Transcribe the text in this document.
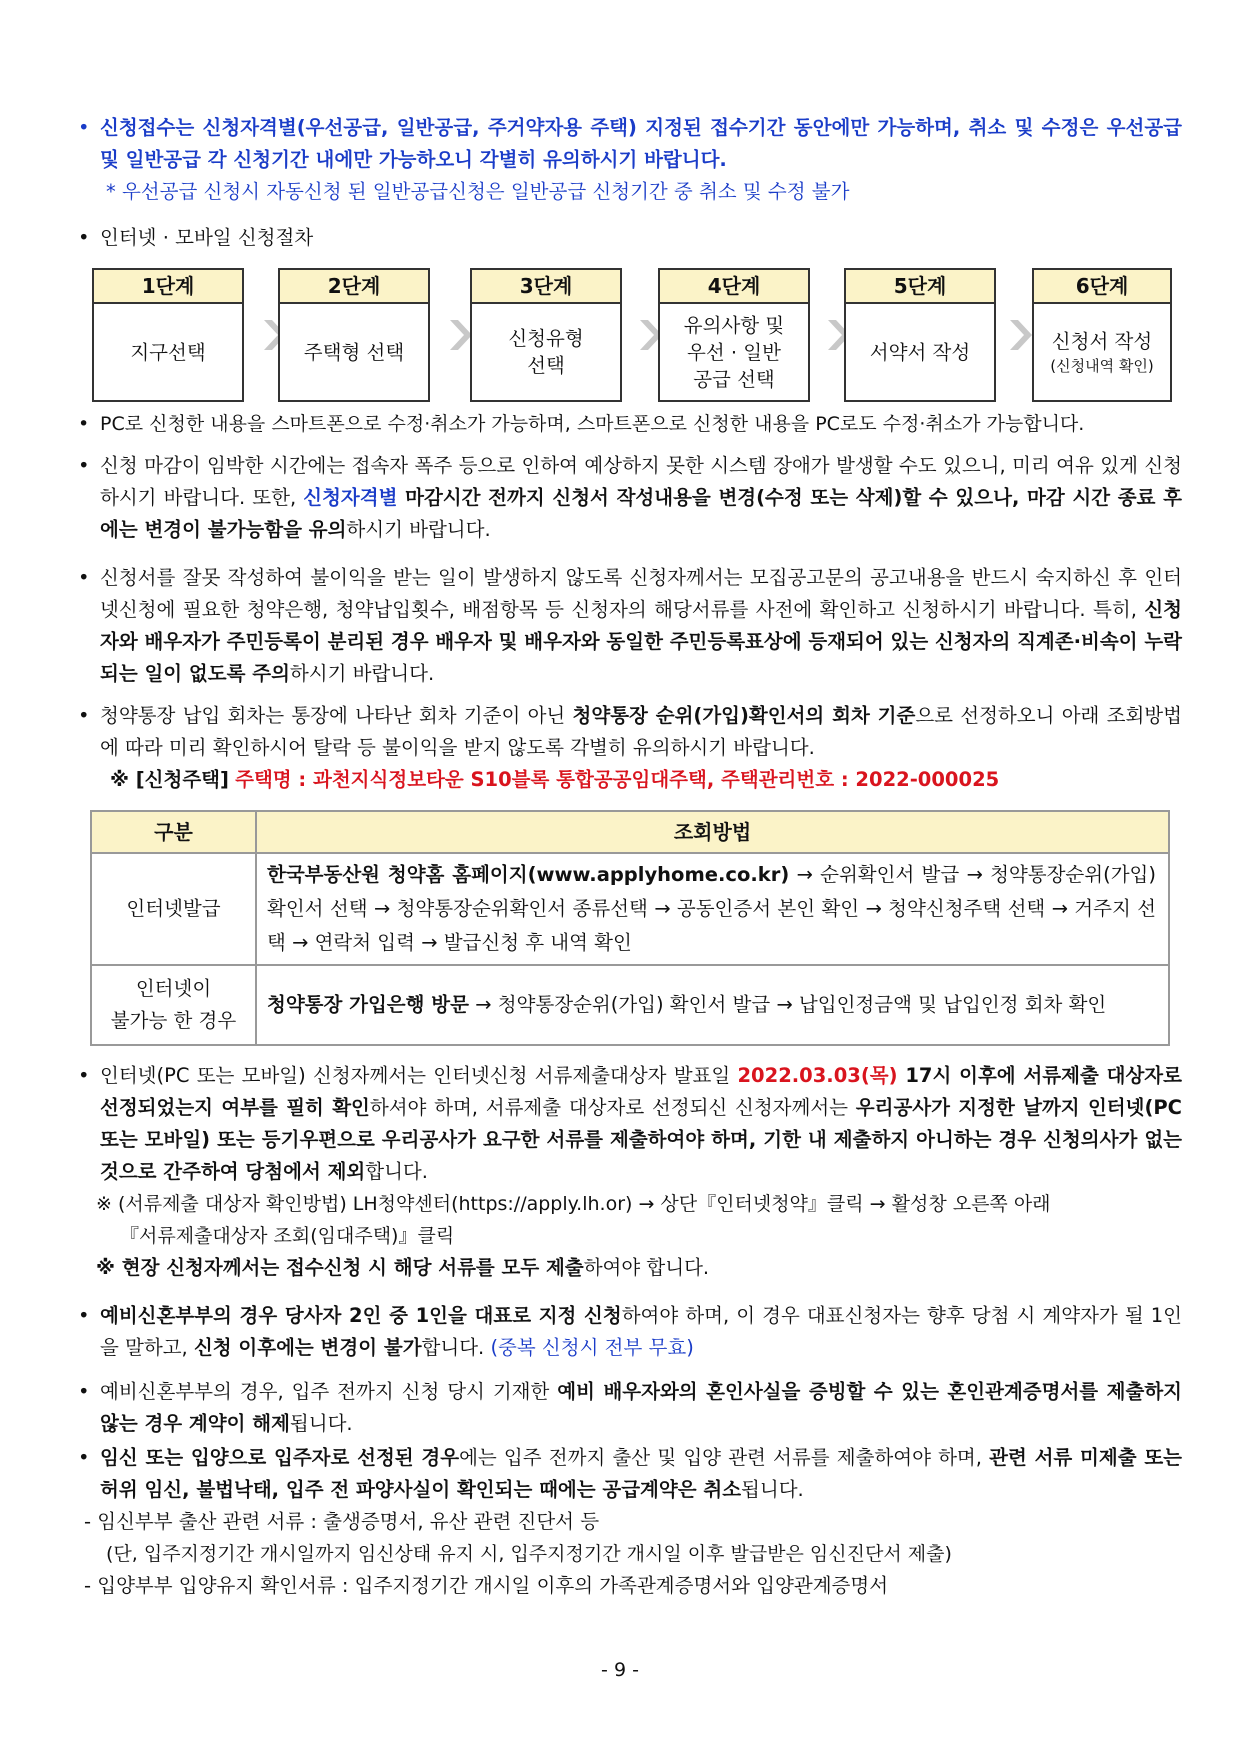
• 신청접수는 신청자격별(우선공급, 일반공급, 주거약자용 주택) 지정된 접수기간 동안에만 가능하며, 취소 및 수정은 우선공급 및 일반공급 각 신청기간 내에만 가능하오니 각별히 유의하시기 바랍니다.
* 우선공급 신청시 자동신청 된 일반공급신청은 일반공급 신청기간 중 취소 및 수정 불가
• 인터넷 · 모바일 신청절차
1단계
지구선택
2단계
주택형 선택
3단계
신청유형
선택
4단계
유의사항 및
우선 · 일반
공급 선택
5단계
서약서 작성
6단계
신청서 작성
(신청내역 확인)
• PC로 신청한 내용을 스마트폰으로 수정·취소가 가능하며, 스마트폰으로 신청한 내용을 PC로도 수정·취소가 가능합니다.
• 신청 마감이 임박한 시간에는 접속자 폭주 등으로 인하여 예상하지 못한 시스템 장애가 발생할 수도 있으니, 미리 여유 있게 신청하시기 바랍니다. 또한, 신청자격별 마감시간 전까지 신청서 작성내용을 변경(수정 또는 삭제)할 수 있으나, 마감 시간 종료 후에는 변경이 불가능함을 유의하시기 바랍니다.
• 신청서를 잘못 작성하여 불이익을 받는 일이 발생하지 않도록 신청자께서는 모집공고문의 공고내용을 반드시 숙지하신 후 인터넷신청에 필요한 청약은행, 청약납입횟수, 배점항목 등 신청자의 해당서류를 사전에 확인하고 신청하시기 바랍니다. 특히, 신청자와 배우자가 주민등록이 분리된 경우 배우자 및 배우자와 동일한 주민등록표상에 등재되어 있는 신청자의 직계존·비속이 누락되는 일이 없도록 주의하시기 바랍니다.
• 청약통장 납입 회차는 통장에 나타난 회차 기준이 아닌 청약통장 순위(가입)확인서의 회차 기준으로 선정하오니 아래 조회방법에 따라 미리 확인하시어 탈락 등 불이익을 받지 않도록 각별히 유의하시기 바랍니다.
※ [신청주택] 주택명 : 과천지식정보타운 S10블록 통합공공임대주택, 주택관리번호 : 2022-000025
구분	조회방법
인터넷발급	한국부동산원 청약홈 홈페이지(www.applyhome.co.kr) → 순위확인서 발급 → 청약통장순위(가입) 확인서 선택 → 청약통장순위확인서 종류선택 → 공동인증서 본인 확인 → 청약신청주택 선택 → 거주지 선택 → 연락처 입력 → 발급신청 후 내역 확인

인터넷이
불가능 한 경우	청약통장 가입은행 방문 → 청약통장순위(가입) 확인서 발급 → 납입인정금액 및 납입인정 회차 확인
• 인터넷(PC 또는 모바일) 신청자께서는 인터넷신청 서류제출대상자 발표일 2022.03.03(목) 17시 이후에 서류제출 대상자로 선정되었는지 여부를 필히 확인하셔야 하며, 서류제출 대상자로 선정되신 신청자께서는 우리공사가 지정한 날까지 인터넷(PC 또는 모바일) 또는 등기우편으로 우리공사가 요구한 서류를 제출하여야 하며, 기한 내 제출하지 아니하는 경우 신청의사가 없는 것으로 간주하여 당첨에서 제외합니다.
※ (서류제출 대상자 확인방법) LH청약센터(https://apply.lh.or) → 상단『인터넷청약』클릭 → 활성창 오른쪽 아래
『서류제출대상자 조회(임대주택)』클릭
※ 현장 신청자께서는 접수신청 시 해당 서류를 모두 제출하여야 합니다.
• 예비신혼부부의 경우 당사자 2인 중 1인을 대표로 지정 신청하여야 하며, 이 경우 대표신청자는 향후 당첨 시 계약자가 될 1인을 말하고, 신청 이후에는 변경이 불가합니다. (중복 신청시 전부 무효)
• 예비신혼부부의 경우, 입주 전까지 신청 당시 기재한 예비 배우자와의 혼인사실을 증빙할 수 있는 혼인관계증명서를 제출하지 않는 경우 계약이 해제됩니다.
• 임신 또는 입양으로 입주자로 선정된 경우에는 입주 전까지 출산 및 입양 관련 서류를 제출하여야 하며, 관련 서류 미제출 또는 허위 임신, 불법낙태, 입주 전 파양사실이 확인되는 때에는 공급계약은 취소됩니다.
- 임신부부 출산 관련 서류 : 출생증명서, 유산 관련 진단서 등
(단, 입주지정기간 개시일까지 임신상태 유지 시, 입주지정기간 개시일 이후 발급받은 임신진단서 제출)
- 입양부부 입양유지 확인서류 : 입주지정기간 개시일 이후의 가족관계증명서와 입양관계증명서
- 9 -
